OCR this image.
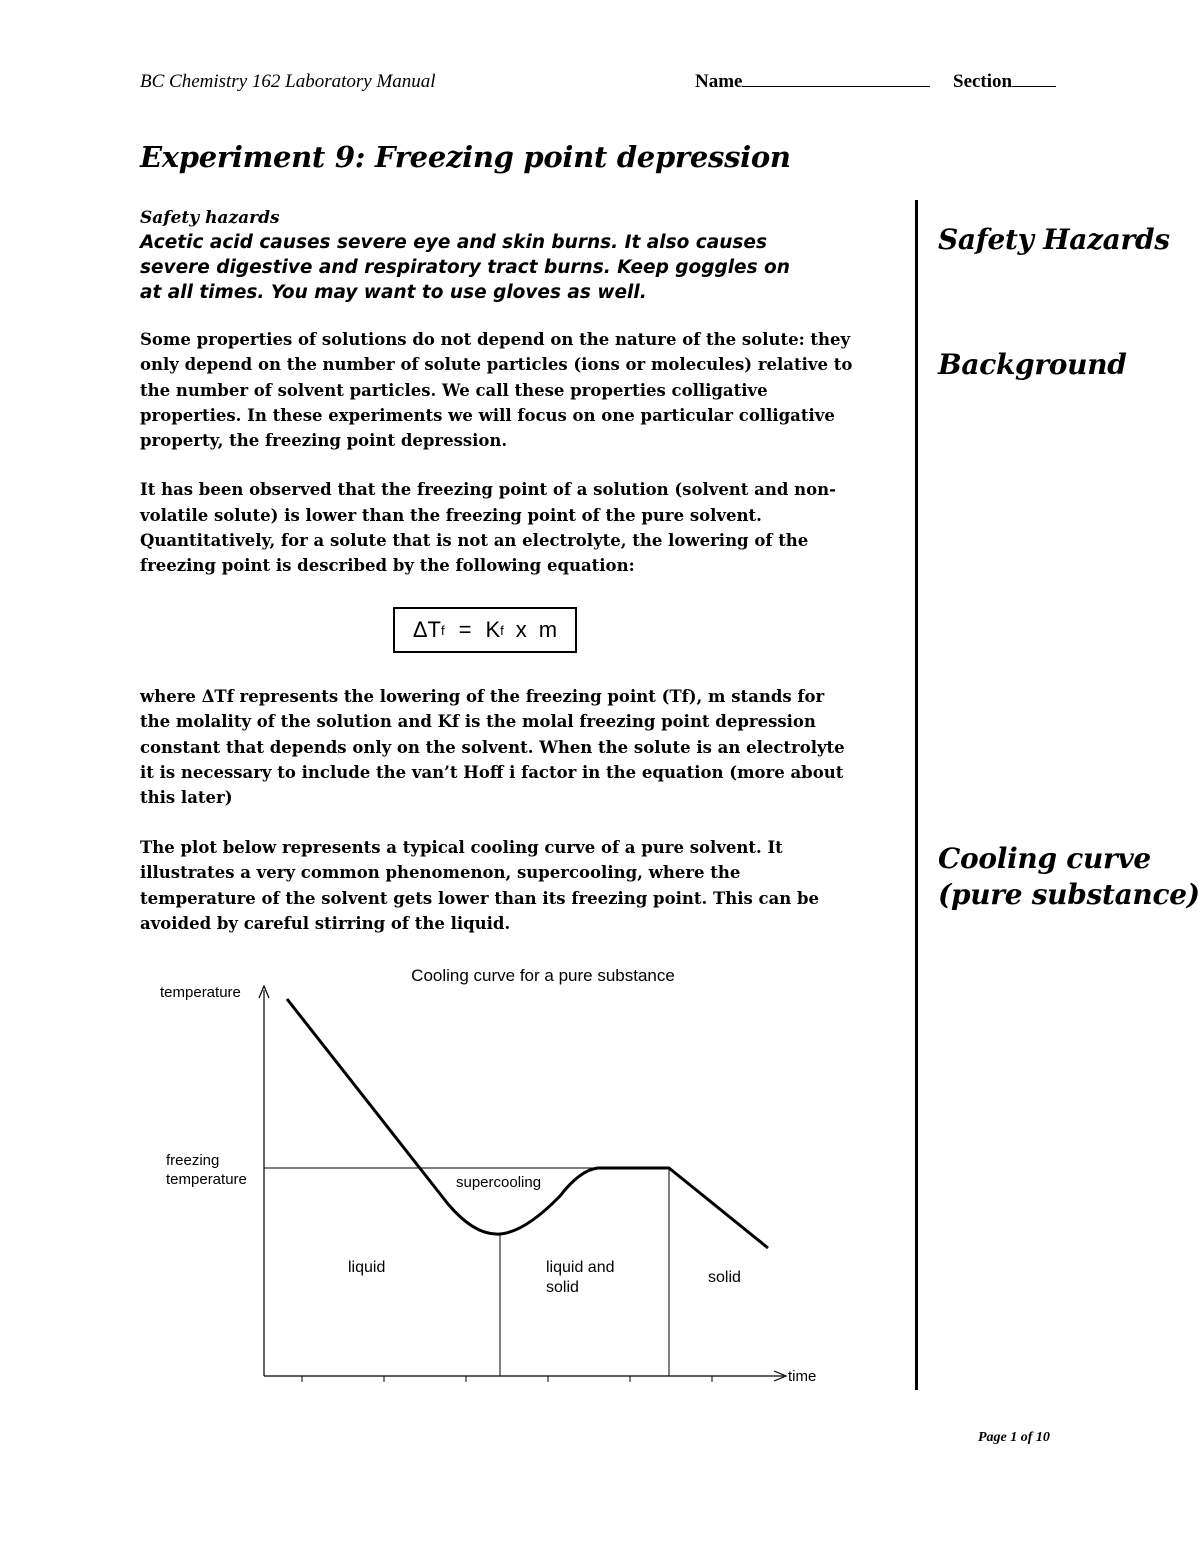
BC Chemistry 162 Laboratory Manual	Name	Section
Experiment 9: Freezing point depression
Safety hazards
Acetic acid causes severe eye and skin burns. It also causes
severe digestive and respiratory tract burns. Keep goggles on
at all times. You may want to use gloves as well.
Some properties of solutions do not depend on the nature of the solute: they
only depend on the number of solute particles (ions or molecules) relative to
the number of solvent particles. We call these properties colligative
properties. In these experiments we will focus on one particular colligative
property, the freezing point depression.
It has been observed that the freezing point of a solution (solvent and non-
volatile solute) is lower than the freezing point of the pure solvent.
Quantitatively, for a solute that is not an electrolyte, the lowering of the
freezing point is described by the following equation:
ΔT f = K f x m
where ΔTf represents the lowering of the freezing point (Tf), m stands for
the molality of the solution and Kf is the molal freezing point depression
constant that depends only on the solvent. When the solute is an electrolyte
it is necessary to include the van’t Hoff i factor in the equation (more about
this later)
The plot below represents a typical cooling curve of a pure solvent. It
illustrates a very common phenomenon, supercooling, where the
temperature of the solvent gets lower than its freezing point. This can be
avoided by careful stirring of the liquid.
Safety Hazards
Background
Cooling curve
(pure substance)
Cooling curve for a pure substance
temperature
time
freezing
temperature	supercooling
liquid	liquid and
solid
solid
Page 1 of 10
